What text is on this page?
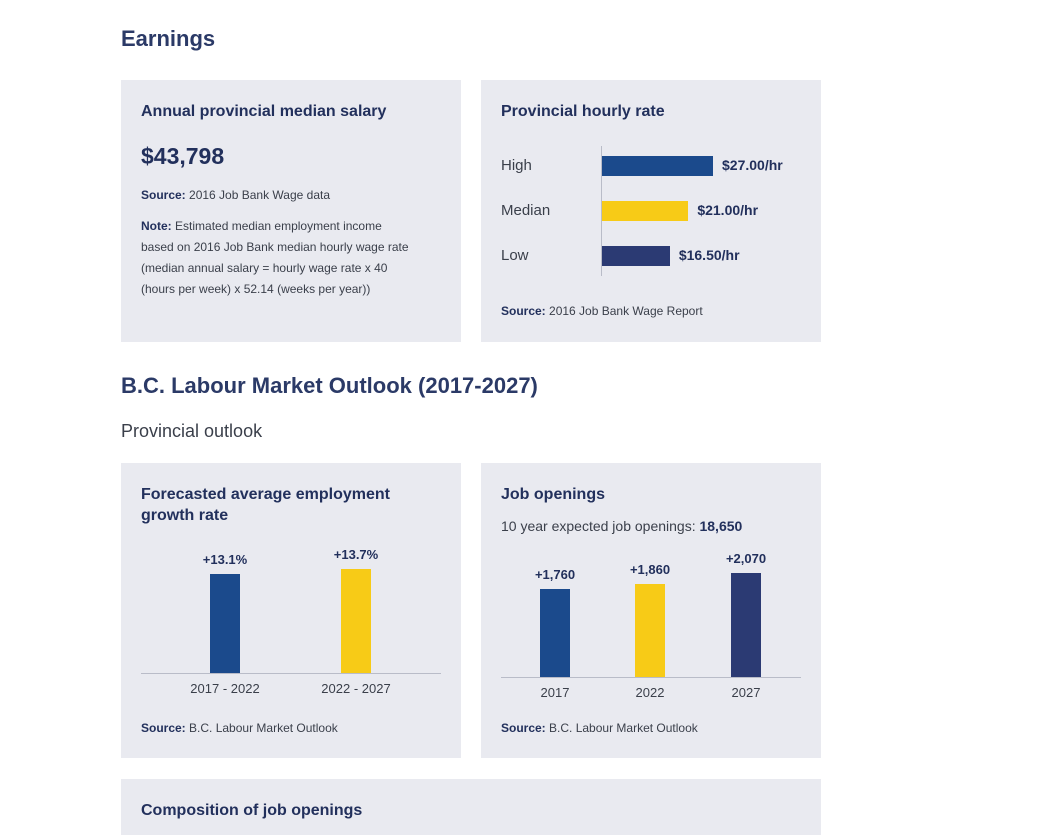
Earnings
Annual provincial median salary
$43,798
Source: 2016 Job Bank Wage data
Note: Estimated median employment income
based on 2016 Job Bank median hourly wage rate
(median annual salary = hourly wage rate x 40
(hours per week) x 52.14 (weeks per year))
Provincial hourly rate
High	$27.00/hr
Median	$21.00/hr
Low	$16.50/hr
Source: 2016 Job Bank Wage Report
B.C. Labour Market Outlook (2017-2027)
Provincial outlook
Forecasted average employment
growth rate
+13.1%
2017 - 2022
+13.7%
2022 - 2027
Source: B.C. Labour Market Outlook
Job openings
10 year expected job openings: 18,650
+1,760
2017
+1,860
2022
+2,070
2027
Source: B.C. Labour Market Outlook
Composition of job openings
